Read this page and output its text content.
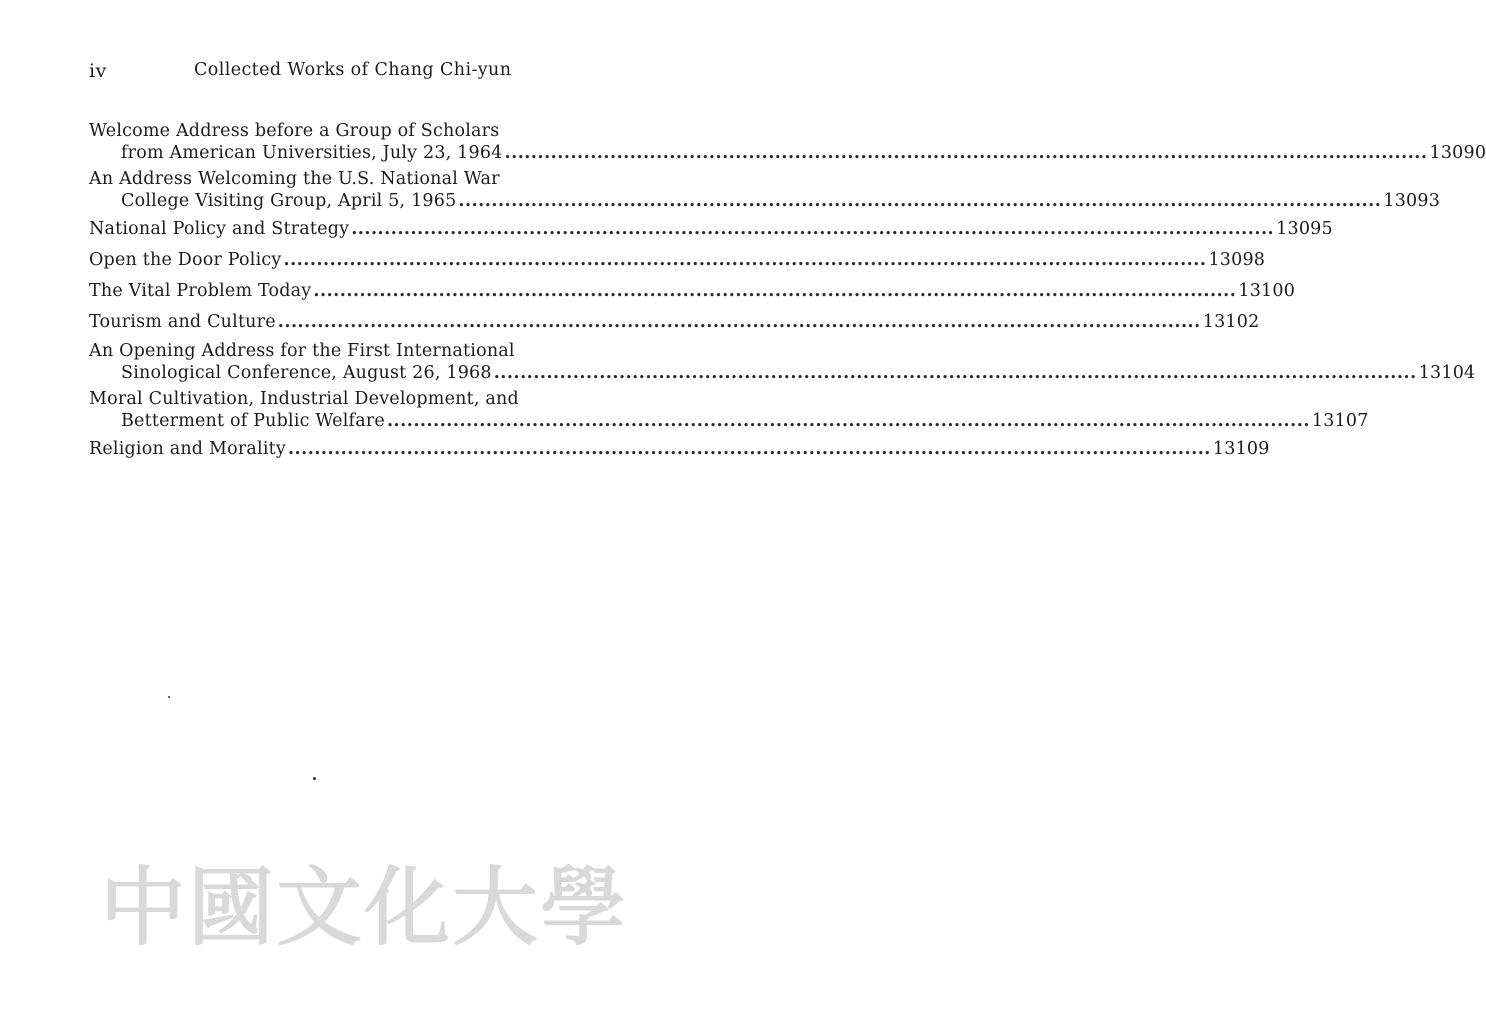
iv	Collected Works of Chang Chi-yun
Welcome Address before a Group of Scholars
from American Universities, July 23, 1964 ............................................................................................................................................ 13090
An Address Welcoming the U.S. National War
College Visiting Group, April 5, 1965 ............................................................................................................................................ 13093
National Policy and Strategy ............................................................................................................................................ 13095
Open the Door Policy ............................................................................................................................................ 13098
The Vital Problem Today ............................................................................................................................................ 13100
Tourism and Culture ............................................................................................................................................ 13102
An Opening Address for the First International
Sinological Conference, August 26, 1968 ............................................................................................................................................ 13104
Moral Cultivation, Industrial Development, and
Betterment of Public Welfare ............................................................................................................................................ 13107
Religion and Morality ............................................................................................................................................ 13109
中國文化大學
